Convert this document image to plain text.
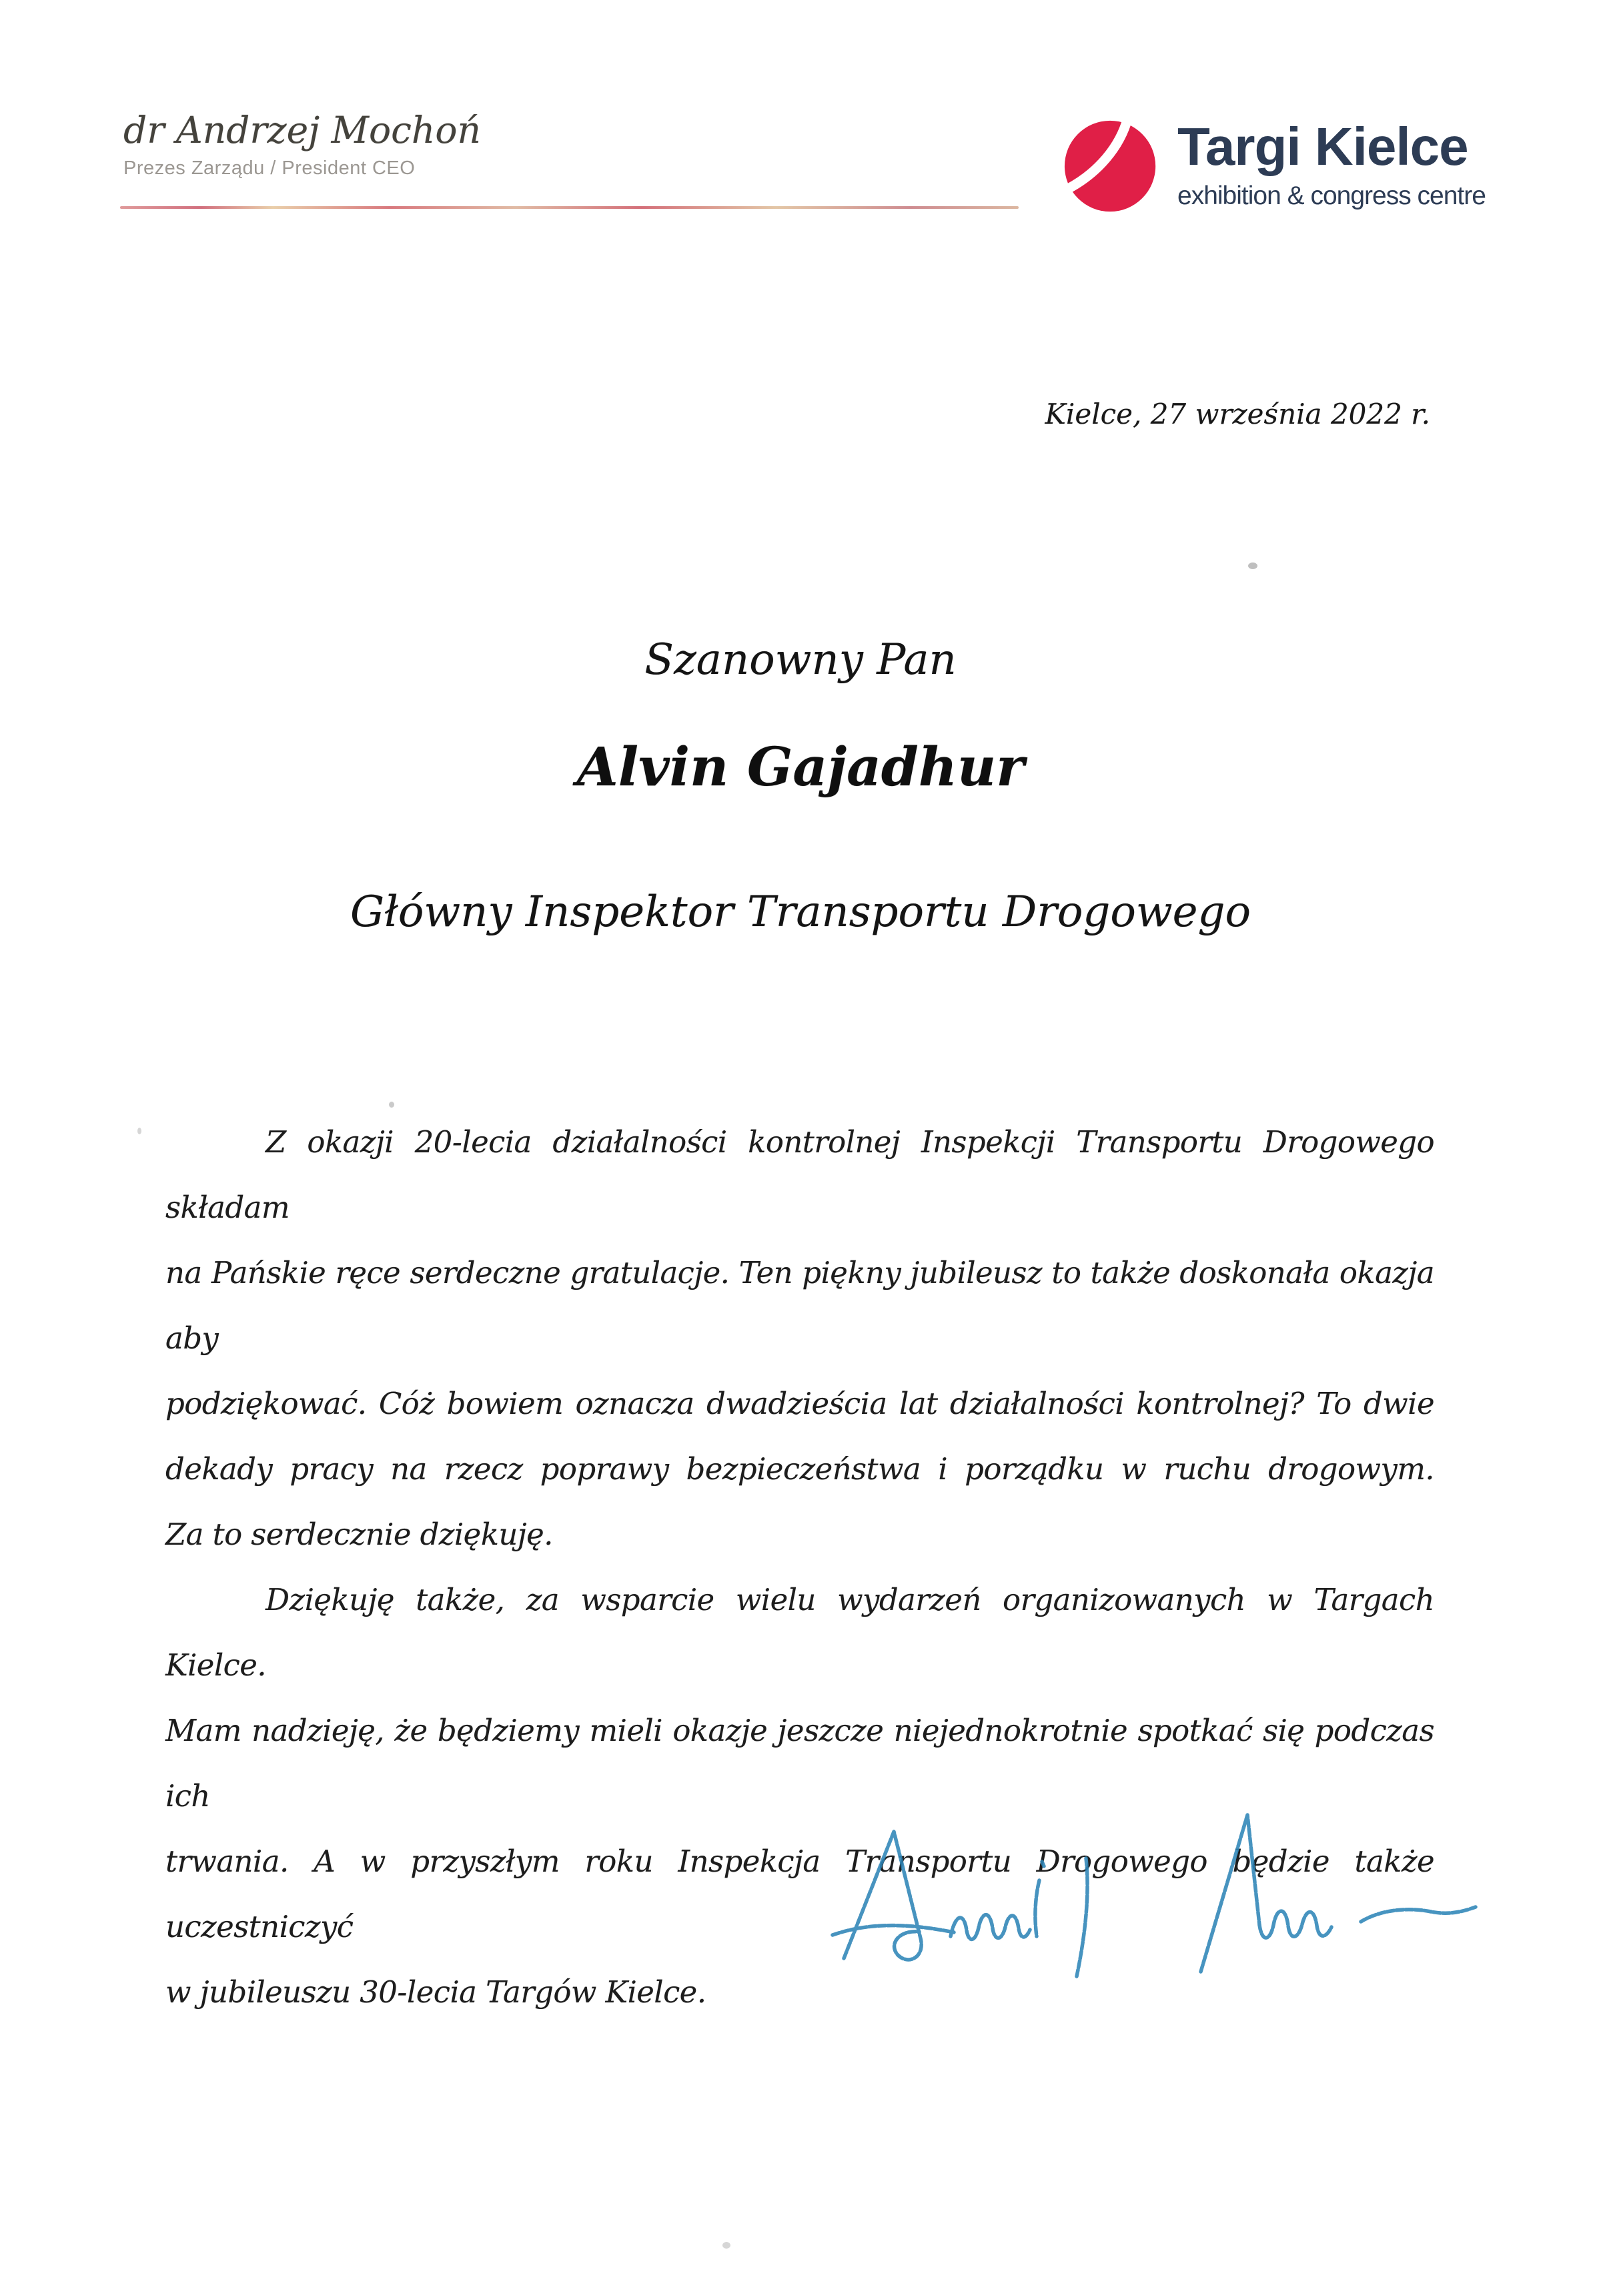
dr Andrzej Mochoń
Prezes Zarządu / President CEO	Targi Kielce
exhibition & congress centre
Kielce, 27 września 2022 r.
Szanowny Pan
Alvin Gajadhur
Główny Inspektor Transportu Drogowego
Z okazji 20-lecia działalności kontrolnej Inspekcji Transportu Drogowego składam
na Pańskie ręce serdeczne gratulacje. Ten piękny jubileusz to także doskonała okazja aby
podziękować. Cóż bowiem oznacza dwadzieścia lat działalności kontrolnej? To dwie
dekady pracy na rzecz poprawy bezpieczeństwa i porządku w ruchu drogowym.
Za to serdecznie dziękuję.
Dziękuję także, za wsparcie wielu wydarzeń organizowanych w Targach Kielce.
Mam nadzieję, że będziemy mieli okazje jeszcze niejednokrotnie spotkać się podczas ich
trwania. A w przyszłym roku Inspekcja Transportu Drogowego będzie także uczestniczyć
w jubileuszu 30-lecia Targów Kielce.
